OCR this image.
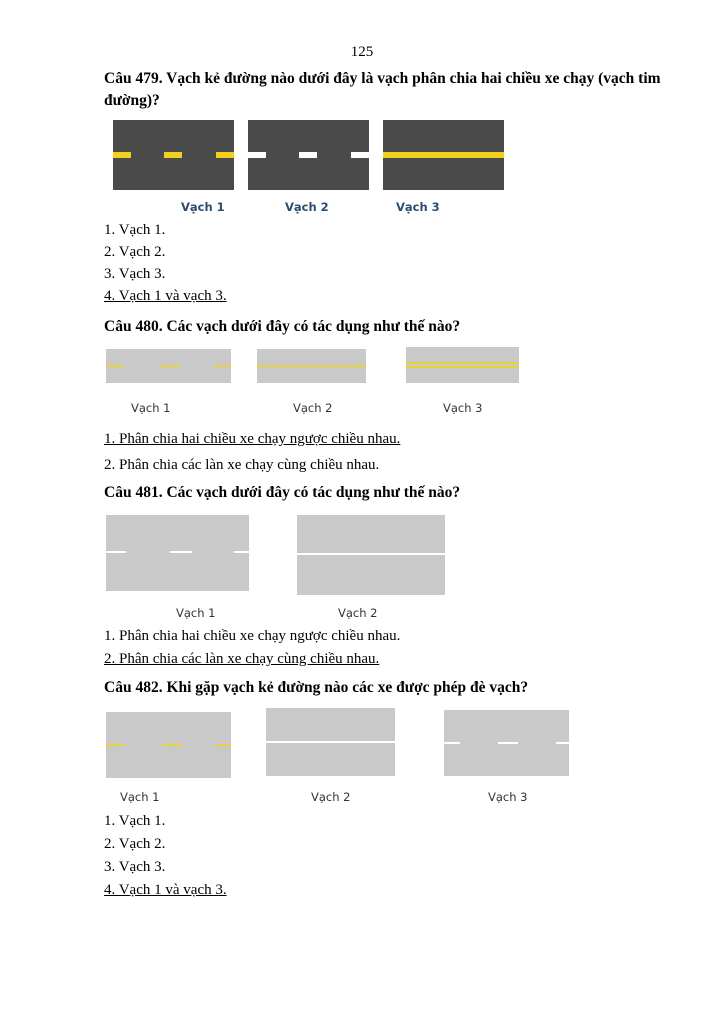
125
Câu 479. Vạch kẻ đường nào dưới đây là vạch phân chia hai chiều xe chạy (vạch tim đường)?
Vạch 1	Vạch 2	Vạch 3
1. Vạch 1.
2. Vạch 2.
3. Vạch 3.
4. Vạch 1 và vạch 3.
Câu 480. Các vạch dưới đây có tác dụng như thế nào?
Vạch 1	Vạch 2	Vạch 3
1. Phân chia hai chiều xe chạy ngược chiều nhau.
2. Phân chia các làn xe chạy cùng chiều nhau.
Câu 481. Các vạch dưới đây có tác dụng như thế nào?
Vạch 1	Vạch 2
1. Phân chia hai chiều xe chạy ngược chiều nhau.
2. Phân chia các làn xe chạy cùng chiều nhau.
Câu 482. Khi gặp vạch kẻ đường nào các xe được phép đè vạch?
Vạch 1	Vạch 2	Vạch 3
1. Vạch 1.
2. Vạch 2.
3. Vạch 3.
4. Vạch 1 và vạch 3.
